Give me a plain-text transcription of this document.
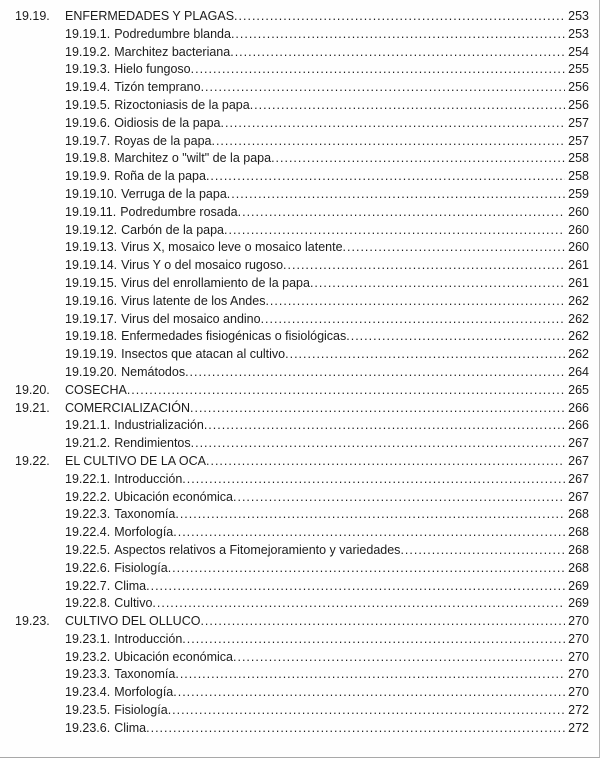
19.19.	ENFERMEDADES Y PLAGAS .....	253
19.19.1. Podredumbre blanda .....	253
19.19.2. Marchitez bacteriana .....	254
19.19.3. Hielo fungoso .....	255
19.19.4. Tizón temprano .....	256
19.19.5. Rizoctoniasis de la papa .....	256
19.19.6. Oidiosis de la papa .....	257
19.19.7. Royas de la papa .....	257
19.19.8. Marchitez o "wilt" de la papa .....	258
19.19.9. Roña de la papa .....	258
19.19.10. Verruga de la papa .....	259
19.19.11. Podredumbre rosada .....	260
19.19.12. Carbón de la papa .....	260
19.19.13. Virus X, mosaico leve o mosaico latente .....	260
19.19.14. Virus Y o del mosaico rugoso .....	261
19.19.15. Virus del enrollamiento de la papa .....	261
19.19.16. Virus latente de los Andes .....	262
19.19.17. Virus del mosaico andino .....	262
19.19.18. Enfermedades fisiogénicas o fisiológicas .....	262
19.19.19. Insectos que atacan al cultivo .....	262
19.19.20. Nemátodos .....	264
19.20.	COSECHA .....	265
19.21.	COMERCIALIZACIÓN .....	266
19.21.1. Industrialización .....	266
19.21.2. Rendimientos .....	267
19.22.	EL CULTIVO DE LA OCA .....	267
19.22.1. Introducción .....	267
19.22.2. Ubicación económica .....	267
19.22.3. Taxonomía .....	268
19.22.4. Morfología .....	268
19.22.5. Aspectos relativos a Fitomejoramiento y variedades .....	268
19.22.6. Fisiología .....	268
19.22.7. Clima .....	269
19.22.8. Cultivo .....	269
19.23.	CULTIVO DEL OLLUCO .....	270
19.23.1. Introducción .....	270
19.23.2. Ubicación económica .....	270
19.23.3. Taxonomía .....	270
19.23.4. Morfología .....	270
19.23.5. Fisiología .....	272
19.23.6. Clima .....	272
